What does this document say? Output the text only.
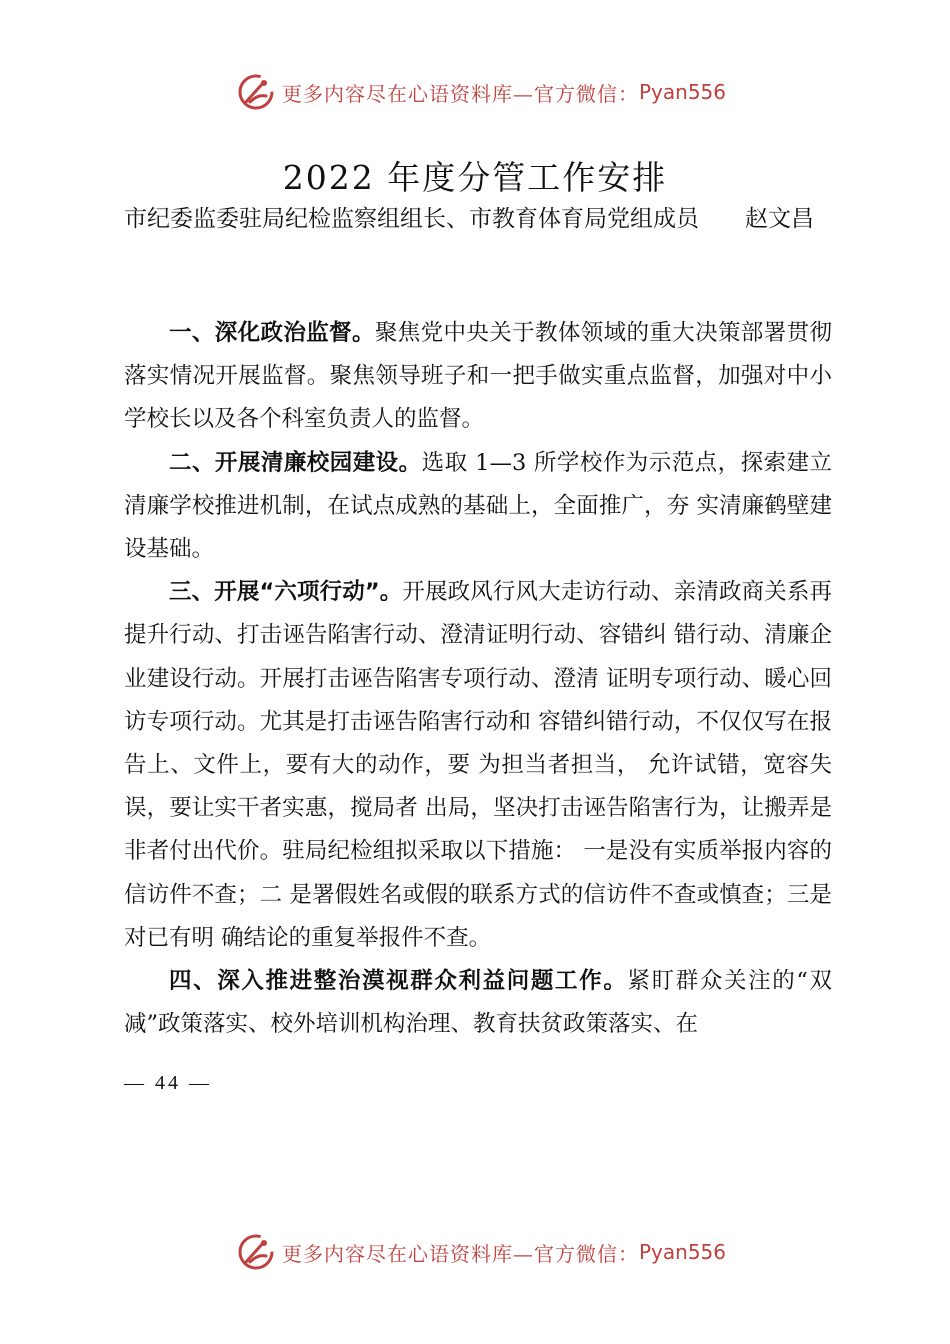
更多内容尽在心语资料库—官方微信： Pyan556
2022 年度分管工作安排
市纪委监委驻局纪检监察组组长、市教育体育局党组成员 赵文昌

一、深化政治监督。聚焦党中央关于教体领域的重大决策部署贯彻落实情况开展监督。聚焦领导班子和一把手做实重点监督，加强对中小学校长以及各个科室负责人的监督。

二、开展清廉校园建设。选取 1—3 所学校作为示范点，探索建立清廉学校推进机制，在试点成熟的基础上，全面推广，夯 实清廉鹤壁建设基础。

三、开展“六项行动”。开展政风行风大走访行动、亲清政商关系再提升行动、打击诬告陷害行动、澄清证明行动、容错纠 错行动、清廉企业建设行动。开展打击诬告陷害专项行动、澄清 证明专项行动、暖心回访专项行动。尤其是打击诬告陷害行动和 容错纠错行动，不仅仅写在报告上、文件上，要有大的动作，要 为担当者担当， 允许试错，宽容失误，要让实干者实惠，搅局者 出局，坚决打击诬告陷害行为，让搬弄是非者付出代价。驻局纪检组拟采取以下措施： 一是没有实质举报内容的信访件不查；二 是署假姓名或假的联系方式的信访件不查或慎查；三是对已有明 确结论的重复举报件不查。

四、深入推进整治漠视群众利益问题工作。紧盯群众关注的“双减”政策落实、校外培训机构治理、教育扶贫政策落实、在

— 44 —
更多内容尽在心语资料库—官方微信： Pyan556
